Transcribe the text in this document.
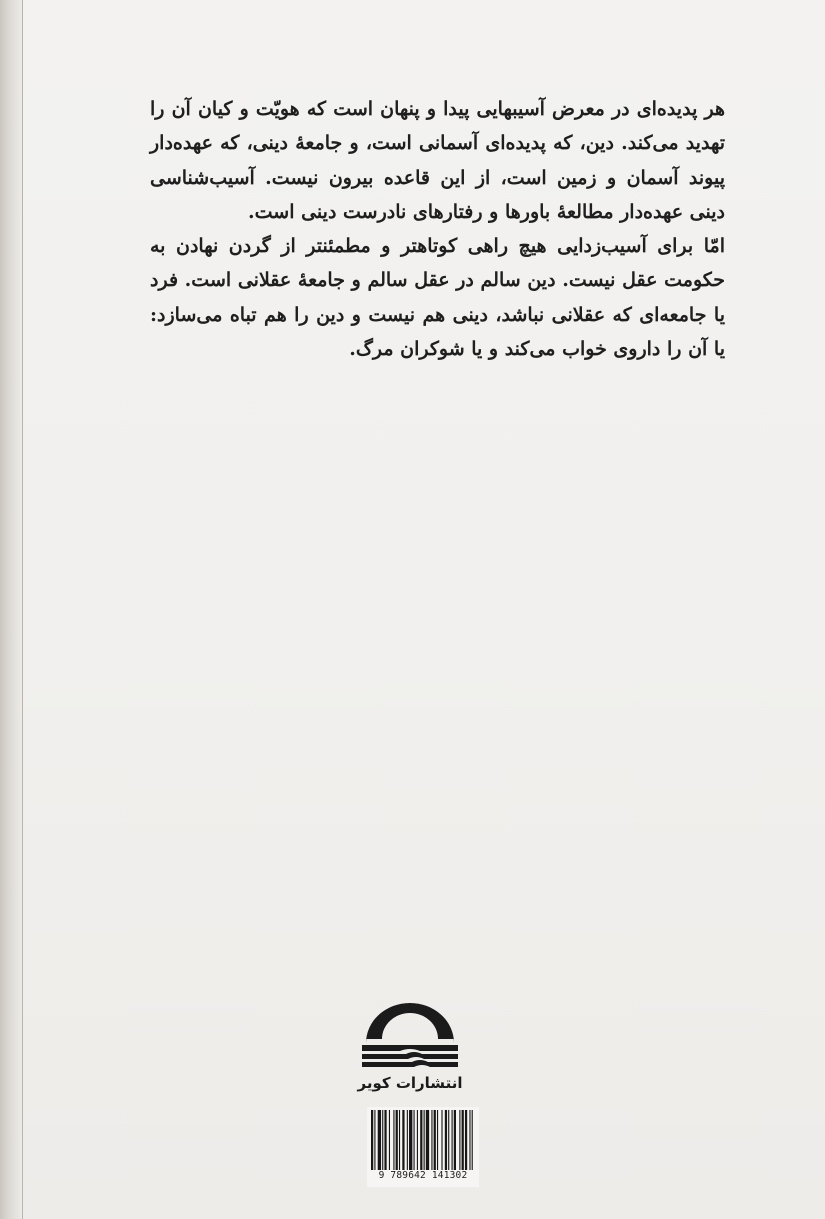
هر پدیده‌ای در معرض آسیبهایی پیدا و پنهان است که هویّت و کیان آن را تهدید می‌کند. دین، که پدیده‌ای آسمانی است، و جامعهٔ دینی، که عهده‌دار پیوند آسمان و زمین است، از این قاعده بیرون نیست. آسیب‌شناسی دینی عهده‌دار مطالعهٔ باورها و رفتارهای نادرست دینی است.

امّا برای آسیب‌زدایی هیچ راهی کوتاهتر و مطمئنتر از گردن نهادن به حکومت عقل نیست. دین سالم در عقل سالم و جامعهٔ عقلانی است. فرد یا جامعه‌ای که عقلانی نباشد، دینی هم نیست و دین را هم تباه می‌سازد: یا آن را داروی خواب می‌کند و یا شوکران مرگ.

انتشارات کویر
9 789642 141302
